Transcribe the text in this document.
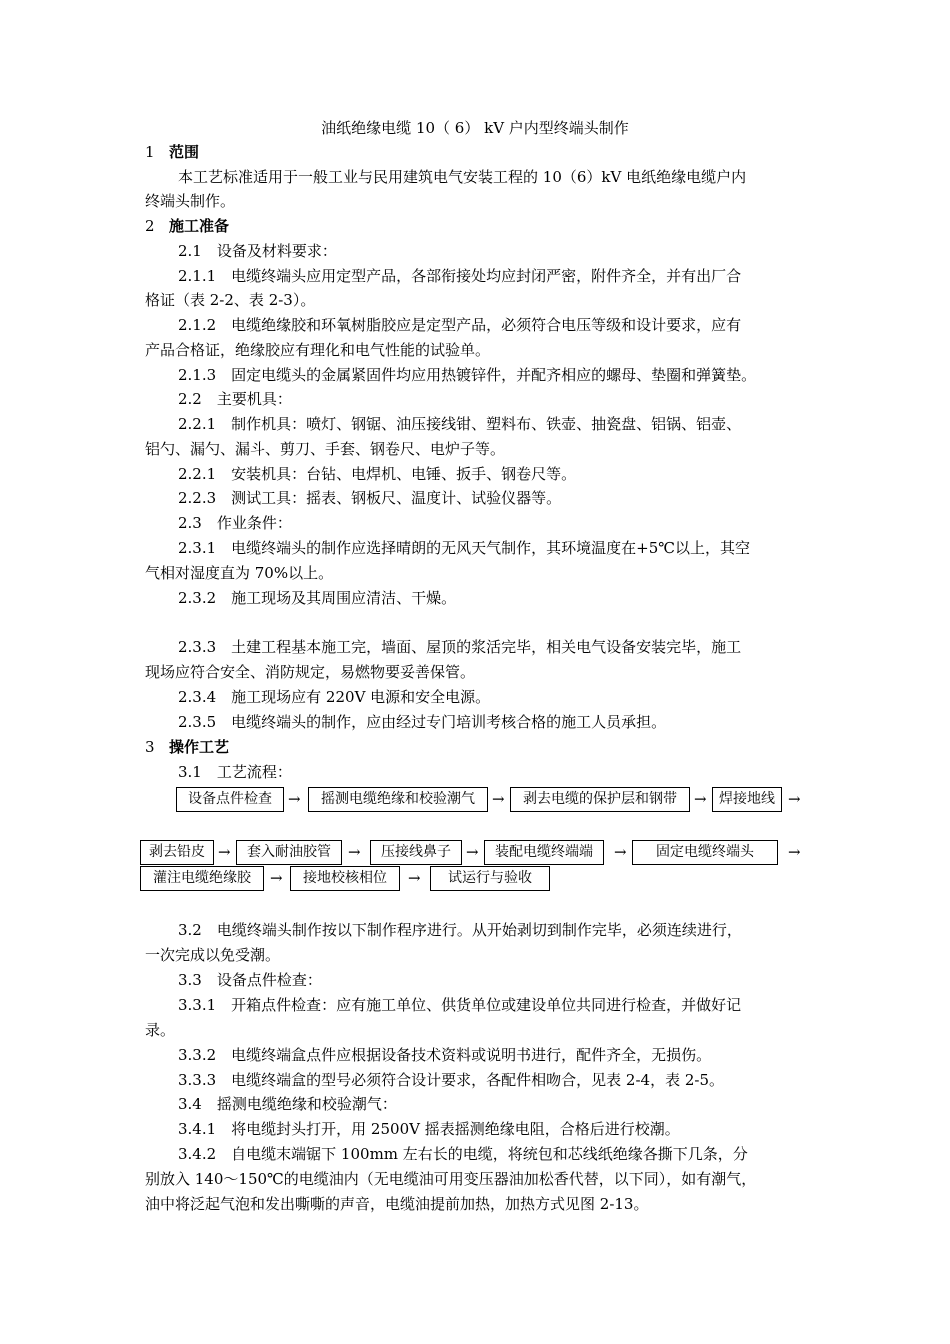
油纸绝缘电缆 10（ 6） kV 户内型终端头制作
1 范围
本工艺标准适用于一般工业与民用建筑电气安装工程的 10（6）kV 电纸绝缘电缆户内
终端头制作。
2 施工准备
2.1　设备及材料要求：
2.1.1　电缆终端头应用定型产品，各部衔接处均应封闭严密，附件齐全，并有出厂合
格证（表 2-2、表 2-3）。
2.1.2　电缆绝缘胶和环氧树脂胶应是定型产品，必须符合电压等级和设计要求，应有
产品合格证，绝缘胶应有理化和电气性能的试验单。
2.1.3　固定电缆头的金属紧固件均应用热镀锌件，并配齐相应的螺母、垫圈和弹簧垫。
2.2　主要机具：
2.2.1　制作机具：喷灯、钢锯、油压接线钳、塑料布、铁壶、抽瓷盘、铝锅、铝壶、
铝勺、漏勺、漏斗、剪刀、手套、钢卷尺、电炉子等。
2.2.1　安装机具：台钻、电焊机、电锤、扳手、钢卷尺等。
2.2.3　测试工具：摇表、钢板尺、温度计、试验仪器等。
2.3　作业条件：
2.3.1　电缆终端头的制作应选择晴朗的无风天气制作，其环境温度在+5℃以上，其空
气相对湿度直为 70%以上。
2.3.2　施工现场及其周围应清洁、干燥。
2.3.3　土建工程基本施工完，墙面、屋顶的浆活完毕，相关电气设备安装完毕，施工
现场应符合安全、消防规定，易燃物要妥善保管。
2.3.4　施工现场应有 220V 电源和安全电源。
2.3.5　电缆终端头的制作，应由经过专门培训考核合格的施工人员承担。
3 操作工艺
3.1　工艺流程：
设备点件检查	→	摇测电缆绝缘和校验潮气	→	剥去电缆的保护层和钢带	→ 焊接地线 →
剥去铅皮 →	套入耐油胶管	→	压接线鼻子	→	装配电缆终端端	→	固定电缆终端头	→
灌注电缆绝缘胶	→	接地校核相位	→	试运行与验收
3.2　电缆终端头制作按以下制作程序进行。从开始剥切到制作完毕，必须连续进行，
一次完成以免受潮。
3.3　设备点件检查：
3.3.1　开箱点件检查：应有施工单位、供货单位或建设单位共同进行检查，并做好记
录。
3.3.2　电缆终端盒点件应根据设备技术资料或说明书进行，配件齐全，无损伤。
3.3.3　电缆终端盒的型号必须符合设计要求，各配件相吻合，见表 2-4，表 2-5。
3.4　摇测电缆绝缘和校验潮气：
3.4.1　将电缆封头打开，用 2500V 摇表摇测绝缘电阻，合格后进行校潮。
3.4.2　自电缆末端锯下 100mm 左右长的电缆，将统包和芯线纸绝缘各撕下几条，分
别放入 140～150℃的电缆油内（无电缆油可用变压器油加松香代替，以下同），如有潮气，
油中将泛起气泡和发出嘶嘶的声音，电缆油提前加热，加热方式见图 2-13。
